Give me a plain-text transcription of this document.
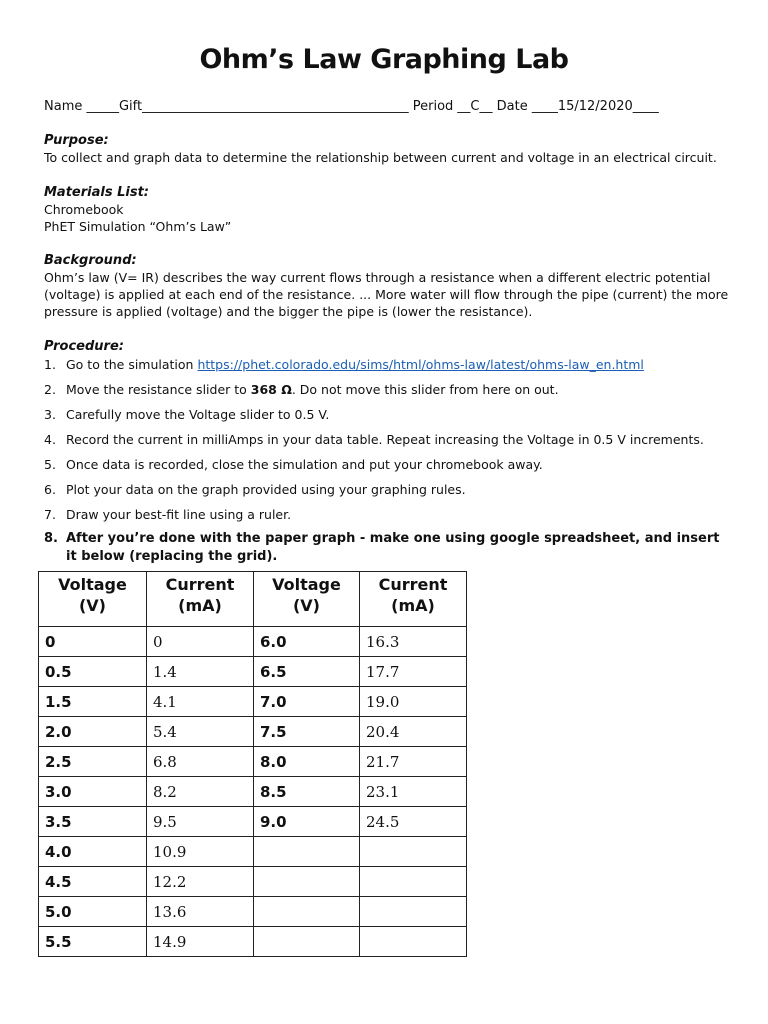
Ohm’s Law Graphing Lab
Name _____Gift_________________________________________ Period __C__ Date ____15/12/2020____
Purpose:

To collect and graph data to determine the relationship between current and voltage in an electrical circuit.

Materials List:
Chromebook
PhET Simulation “Ohm’s Law”
Background:

Ohm’s law (V= IR) describes the way current flows through a resistance when a different electric potential (voltage) is applied at each end of the resistance. ... More water will flow through the pipe (current) the more pressure is applied (voltage) and the bigger the pipe is (lower the resistance).

Procedure:
1. Go to the simulation https://phet.colorado.edu/sims/html/ohms-law/latest/ohms-law_en.html
2. Move the resistance slider to 368 Ω. Do not move this slider from here on out.
3. Carefully move the Voltage slider to 0.5 V.
4. Record the current in milliAmps in your data table. Repeat increasing the Voltage in 0.5 V increments.
5. Once data is recorded, close the simulation and put your chromebook away.
6. Plot your data on the graph provided using your graphing rules.
7. Draw your best-fit line using a ruler.
8. After you’re done with the paper graph - make one using google spreadsheet, and insert it below (replacing the grid).
Voltage
(V)	Current
(mA)	Voltage
(V)	Current
(mA)
0	0	6.0	16.3
0.5	1.4	6.5	17.7
1.5	4.1	7.0	19.0
2.0	5.4	7.5	20.4
2.5	6.8	8.0	21.7
3.0	8.2	8.5	23.1
3.5	9.5	9.0	24.5
4.0	10.9		
4.5	12.2		
5.0	13.6		
5.5	14.9		
